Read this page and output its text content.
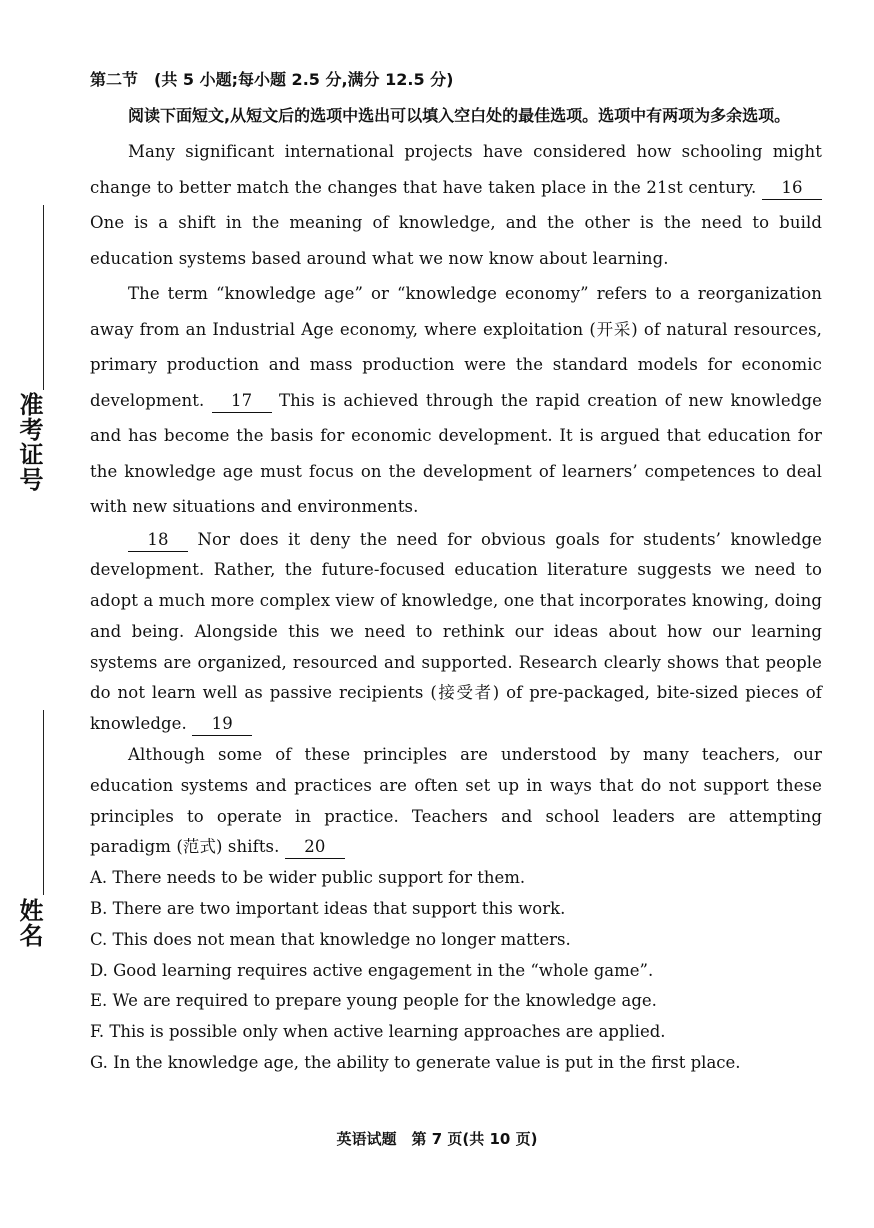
准考证号
姓名

第二节　(共 5 小题;每小题 2.5 分,满分 12.5 分)

阅读下面短文,从短文后的选项中选出可以填入空白处的最佳选项。选项中有两项为多余选项。

Many significant international projects have considered how schooling might change to better match the changes that have taken place in the 21st century. 16 One is a shift in the meaning of knowledge, and the other is the need to build education systems based around what we now know about learning.

The term “knowledge age” or “knowledge economy” refers to a reorganization away from an Industrial Age economy, where exploitation (开采) of natural resources, primary production and mass production were the standard models for economic development. 17 This is achieved through the rapid creation of new knowledge and has become the basis for economic development. It is argued that education for the knowledge age must focus on the development of learners’ competences to deal with new situations and environments.

18 Nor does it deny the need for obvious goals for students’ knowledge development. Rather, the future-focused education literature suggests we need to adopt a much more complex view of knowledge, one that incorporates knowing, doing and being. Alongside this we need to rethink our ideas about how our learning systems are organized, resourced and supported. Research clearly shows that people do not learn well as passive recipients (接受者) of pre-packaged, bite-sized pieces of knowledge. 19

Although some of these principles are understood by many teachers, our education systems and practices are often set up in ways that do not support these principles to operate in practice. Teachers and school leaders are attempting paradigm (范式) shifts. 20

A. There needs to be wider public support for them.
B. There are two important ideas that support this work.
C. This does not mean that knowledge no longer matters.
D. Good learning requires active engagement in the “whole game”.
E. We are required to prepare young people for the knowledge age.
F. This is possible only when active learning approaches are applied.
G. In the knowledge age, the ability to generate value is put in the first place.
英语试题　第 7 页(共 10 页)
